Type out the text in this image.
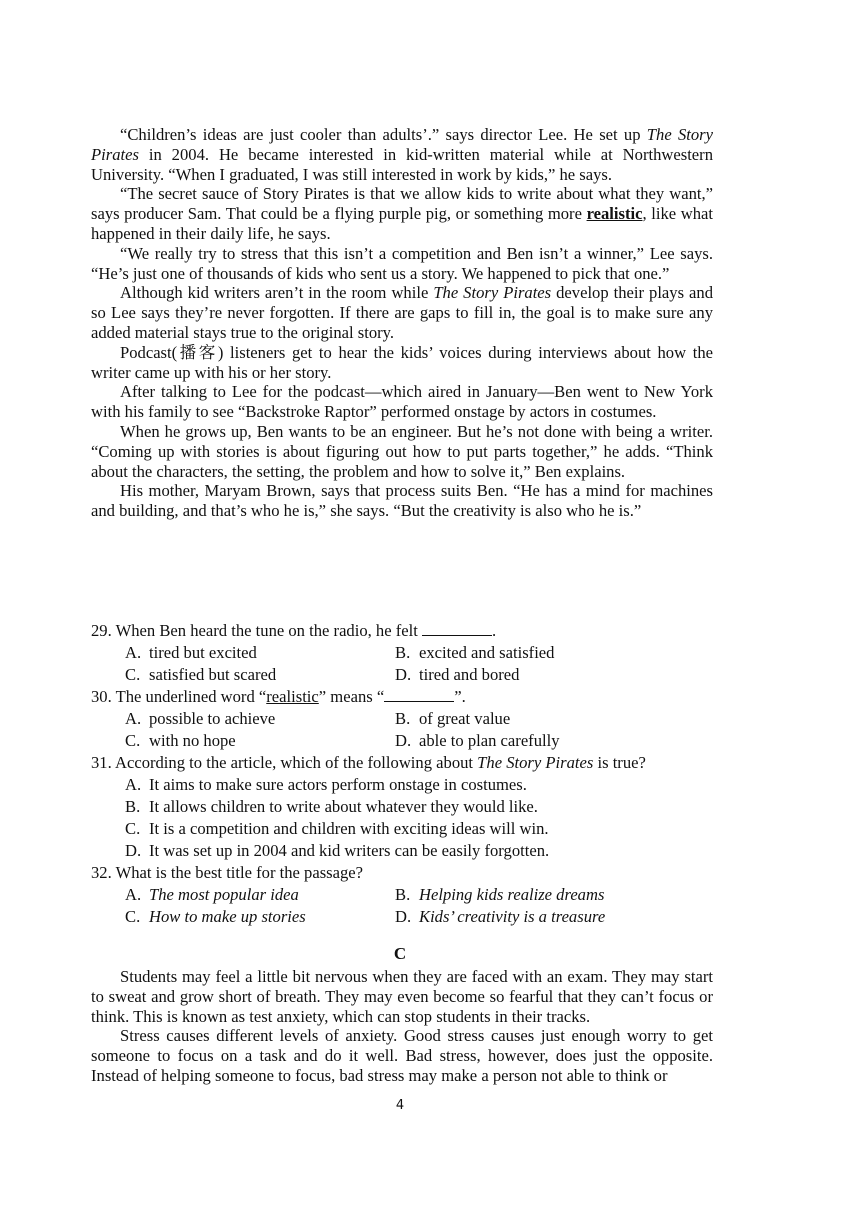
“Children’s ideas are just cooler than adults’.” says director Lee. He set up The Story Pirates in 2004. He became interested in kid-written material while at Northwestern University. “When I graduated, I was still interested in work by kids,” he says.

“The secret sauce of Story Pirates is that we allow kids to write about what they want,” says producer Sam. That could be a flying purple pig, or something more realistic, like what happened in their daily life, he says.

“We really try to stress that this isn’t a competition and Ben isn’t a winner,” Lee says. “He’s just one of thousands of kids who sent us a story. We happened to pick that one.”

Although kid writers aren’t in the room while The Story Pirates develop their plays and so Lee says they’re never forgotten. If there are gaps to fill in, the goal is to make sure any added material stays true to the original story.

Podcast(播客) listeners get to hear the kids’ voices during interviews about how the writer came up with his or her story.

After talking to Lee for the podcast—which aired in January—Ben went to New York with his family to see “Backstroke Raptor” performed onstage by actors in costumes.

When he grows up, Ben wants to be an engineer. But he’s not done with being a writer. “Coming up with stories is about figuring out how to put parts together,” he adds. “Think about the characters, the setting, the problem and how to solve it,” Ben explains.

His mother, Maryam Brown, says that process suits Ben. “He has a mind for machines and building, and that’s who he is,” she says. “But the creativity is also who he is.”

29. When Ben heard the tune on the radio, he felt	.

A. tired but excited	B. excited and satisfied
C. satisfied but scared	D. tired and bored

30. The underlined word “realistic” means “	”.

A. possible to achieve	B. of great value
C. with no hope	D. able to plan carefully

31. According to the article, which of the following about The Story Pirates is true?

A. It aims to make sure actors perform onstage in costumes.
B. It allows children to write about whatever they would like.
C. It is a competition and children with exciting ideas will win.
D. It was set up in 2004 and kid writers can be easily forgotten.

32. What is the best title for the passage?

A. The most popular idea	B. Helping kids realize dreams
C. How to make up stories	D. Kids’ creativity is a treasure
C

Students may feel a little bit nervous when they are faced with an exam. They may start to sweat and grow short of breath. They may even become so fearful that they can’t focus or think. This is known as test anxiety, which can stop students in their tracks.

Stress causes different levels of anxiety. Good stress causes just enough worry to get someone to focus on a task and do it well. Bad stress, however, does just the opposite. Instead of helping someone to focus, bad stress may make a person not able to think or

4
